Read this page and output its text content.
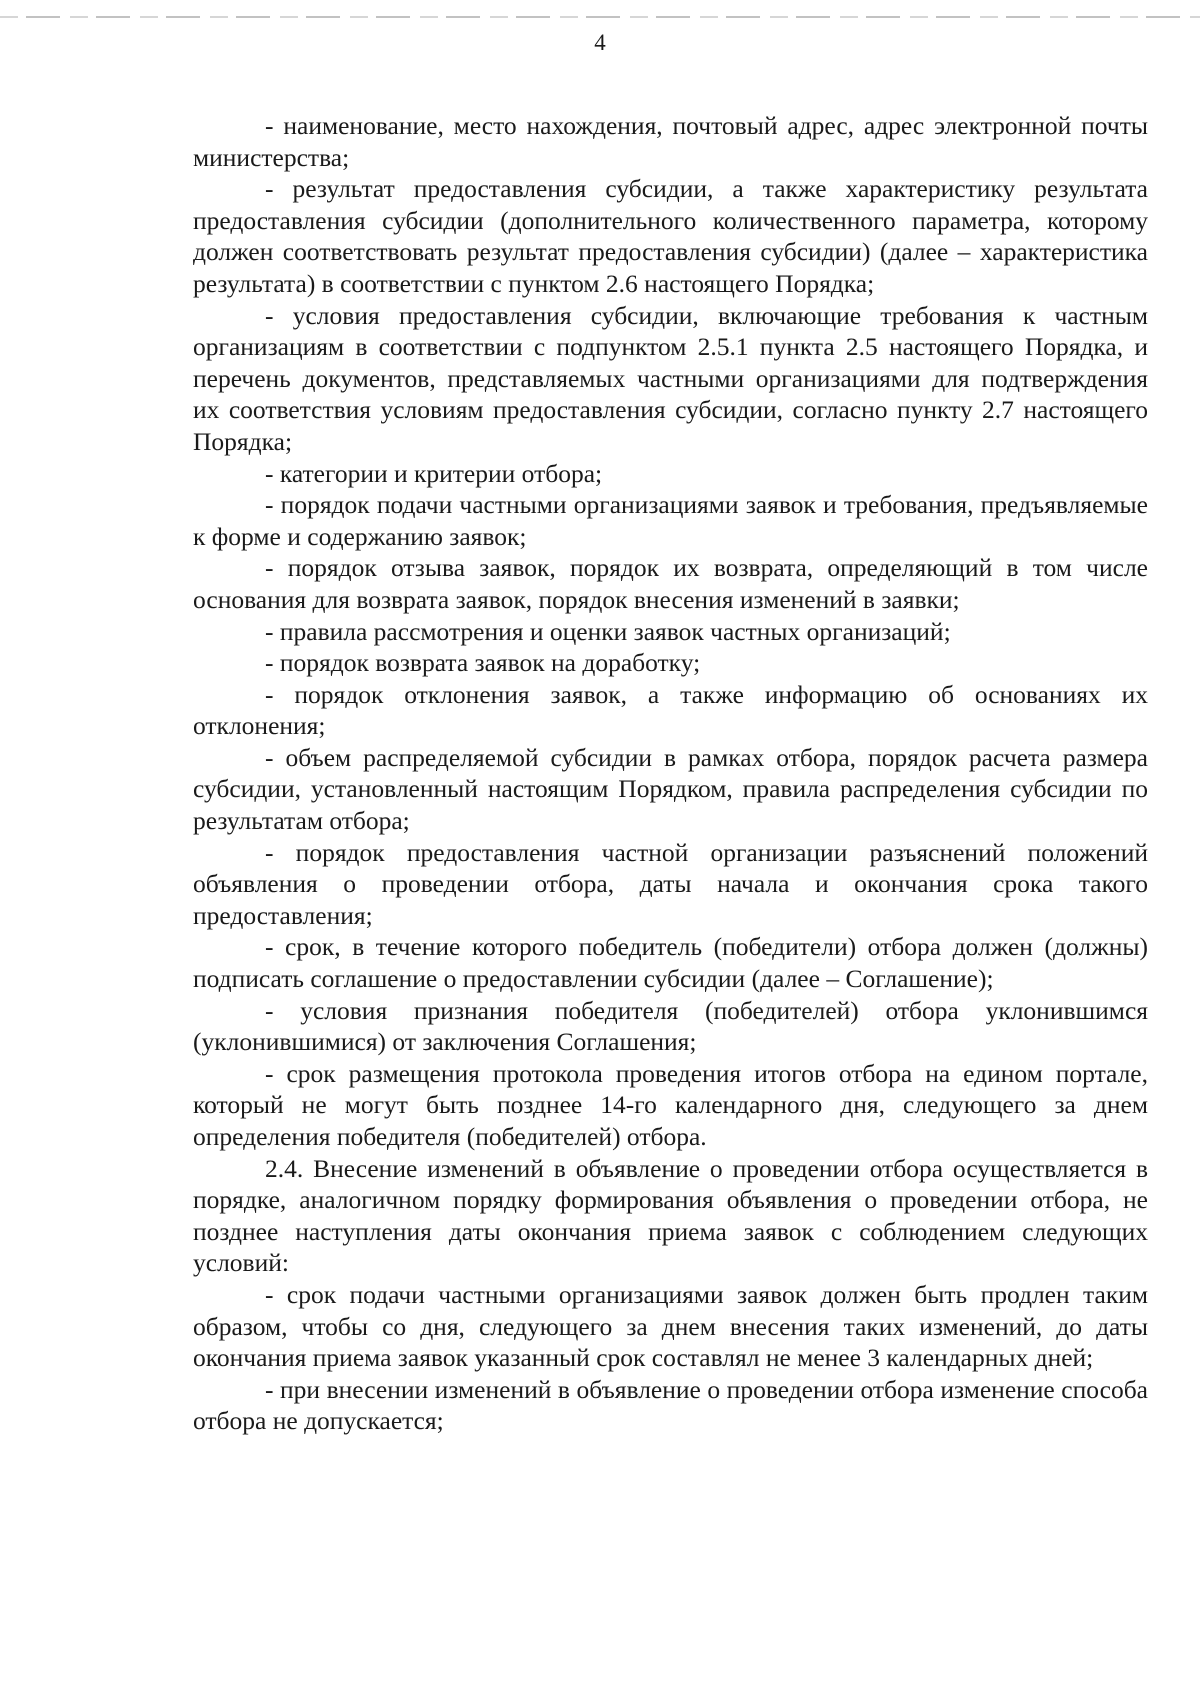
4

- наименование, место нахождения, почтовый адрес, адрес электронной почты министерства;

- результат предоставления субсидии, а также характеристику результата предоставления субсидии (дополнительного количественного параметра, которому должен соответствовать результат предоставления субсидии) (далее – характеристика результата) в соответствии с пунктом 2.6 настоящего Порядка;

- условия предоставления субсидии, включающие требования к частным организациям в соответствии с подпунктом 2.5.1 пункта 2.5 настоящего Порядка, и перечень документов, представляемых частными организациями для подтверждения их соответствия условиям предоставления субсидии, согласно пункту 2.7 настоящего Порядка;

- категории и критерии отбора;

- порядок подачи частными организациями заявок и требования, предъявляемые к форме и содержанию заявок;

- порядок отзыва заявок, порядок их возврата, определяющий в том числе основания для возврата заявок, порядок внесения изменений в заявки;

- правила рассмотрения и оценки заявок частных организаций;

- порядок возврата заявок на доработку;

- порядок отклонения заявок, а также информацию об основаниях их отклонения;

- объем распределяемой субсидии в рамках отбора, порядок расчета размера субсидии, установленный настоящим Порядком, правила распределения субсидии по результатам отбора;

- порядок предоставления частной организации разъяснений положений объявления о проведении отбора, даты начала и окончания срока такого предоставления;

- срок, в течение которого победитель (победители) отбора должен (должны) подписать соглашение о предоставлении субсидии (далее – Соглашение);

- условия признания победителя (победителей) отбора уклонившимся (уклонившимися) от заключения Соглашения;

- срок размещения протокола проведения итогов отбора на едином портале, который не могут быть позднее 14-го календарного дня, следующего за днем определения победителя (победителей) отбора.

2.4. Внесение изменений в объявление о проведении отбора осуществляется в порядке, аналогичном порядку формирования объявления о проведении отбора, не позднее наступления даты окончания приема заявок с соблюдением следующих условий:

- срок подачи частными организациями заявок должен быть продлен таким образом, чтобы со дня, следующего за днем внесения таких изменений, до даты окончания приема заявок указанный срок составлял не менее 3 календарных дней;

- при внесении изменений в объявление о проведении отбора изменение способа отбора не допускается;
